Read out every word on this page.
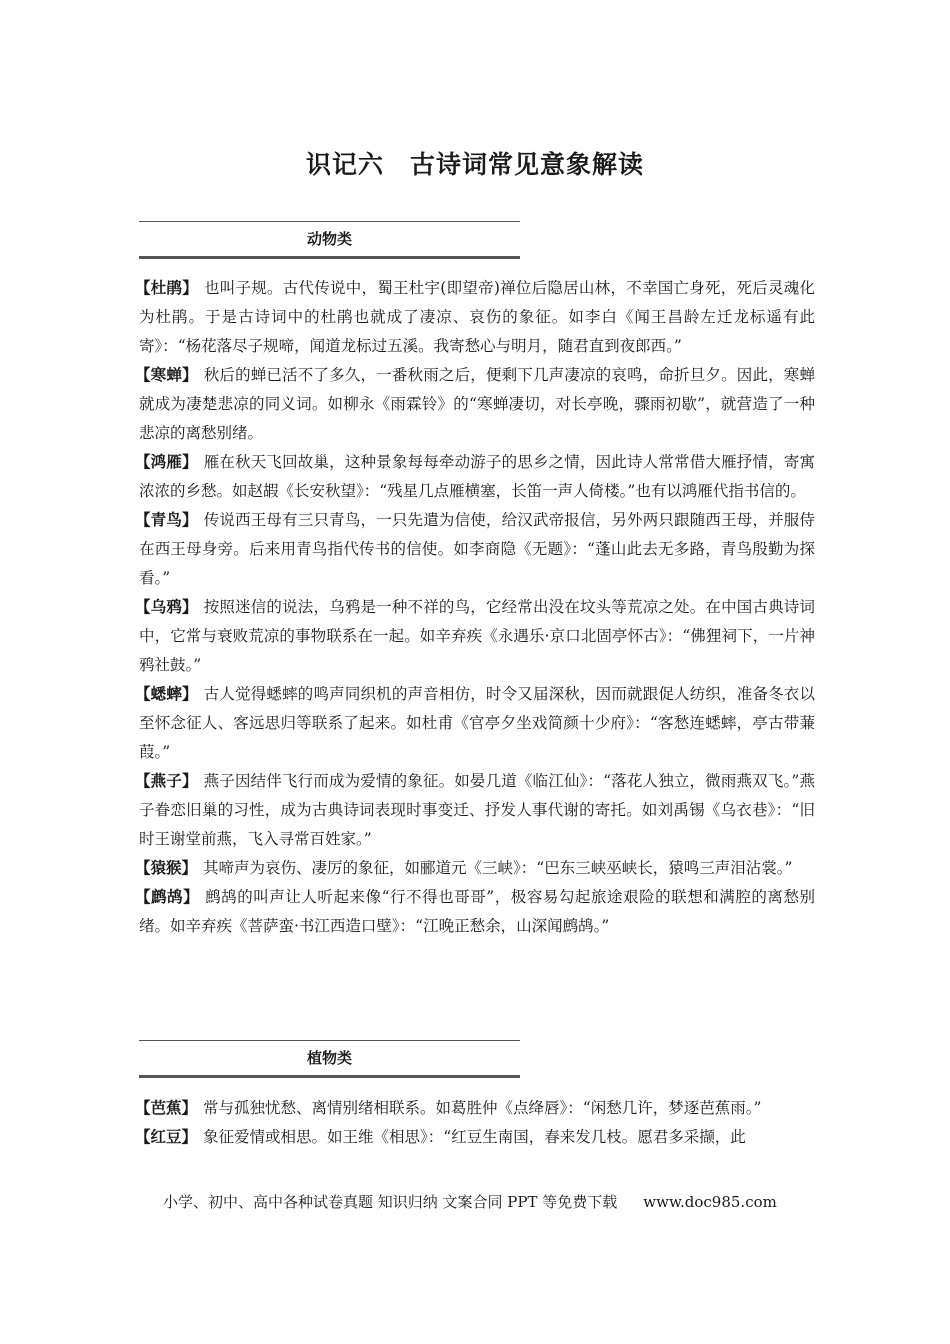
识记六　古诗词常见意象解读
动物类

【杜鹃】 也叫子规。古代传说中，蜀王杜宇(即望帝)禅位后隐居山林，不幸国亡身死，死后灵魂化为杜鹃。于是古诗词中的杜鹃也就成了凄凉、哀伤的象征。如李白《闻王昌龄左迁龙标遥有此寄》：“杨花落尽子规啼，闻道龙标过五溪。我寄愁心与明月，随君直到夜郎西。”

【寒蝉】 秋后的蝉已活不了多久，一番秋雨之后，便剩下几声凄凉的哀鸣，命折旦夕。因此，寒蝉就成为凄楚悲凉的同义词。如柳永《雨霖铃》的“寒蝉凄切，对长亭晚，骤雨初歇”，就营造了一种悲凉的离愁别绪。

【鸿雁】 雁在秋天飞回故巢，这种景象每每牵动游子的思乡之情，因此诗人常常借大雁抒情，寄寓浓浓的乡愁。如赵嘏《长安秋望》：“残星几点雁横塞，长笛一声人倚楼。”也有以鸿雁代指书信的。

【青鸟】 传说西王母有三只青鸟，一只先遣为信使，给汉武帝报信，另外两只跟随西王母，并服侍在西王母身旁。后来用青鸟指代传书的信使。如李商隐《无题》：“蓬山此去无多路，青鸟殷勤为探看。”

【乌鸦】 按照迷信的说法，乌鸦是一种不祥的鸟，它经常出没在坟头等荒凉之处。在中国古典诗词中，它常与衰败荒凉的事物联系在一起。如辛弃疾《永遇乐·京口北固亭怀古》：“佛狸祠下，一片神鸦社鼓。”

【蟋蟀】 古人觉得蟋蟀的鸣声同织机的声音相仿，时令又届深秋，因而就跟促人纺织，准备冬衣以至怀念征人、客远思归等联系了起来。如杜甫《官亭夕坐戏简颜十少府》：“客愁连蟋蟀，亭古带蒹葭。”

【燕子】 燕子因结伴飞行而成为爱情的象征。如晏几道《临江仙》：“落花人独立，微雨燕双飞。”燕子眷恋旧巢的习性，成为古典诗词表现时事变迁、抒发人事代谢的寄托。如刘禹锡《乌衣巷》：“旧时王谢堂前燕，飞入寻常百姓家。”

【猿猴】 其啼声为哀伤、凄厉的象征，如郦道元《三峡》：“巴东三峡巫峡长，猿鸣三声泪沾裳。”

【鹧鸪】 鹧鸪的叫声让人听起来像“行不得也哥哥”，极容易勾起旅途艰险的联想和满腔的离愁别绪。如辛弃疾《菩萨蛮·书江西造口壁》：“江晚正愁余，山深闻鹧鸪。”

植物类

【芭蕉】 常与孤独忧愁、离情别绪相联系。如葛胜仲《点绛唇》：“闲愁几许，梦逐芭蕉雨。”

【红豆】 象征爱情或相思。如王维《相思》：“红豆生南国，春来发几枝。愿君多采撷，此

小学、初中、高中各种试卷真题 知识归纳 文案合同 PPT 等免费下载 www.doc985.com
